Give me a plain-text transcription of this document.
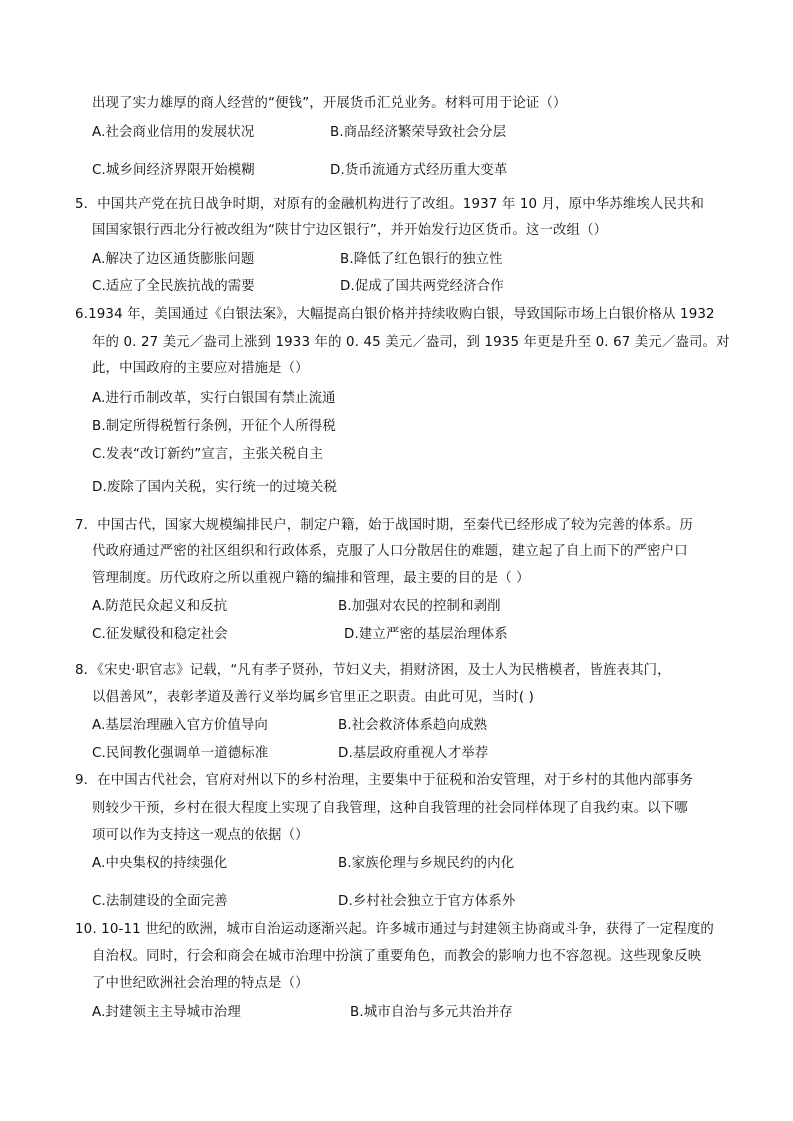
出现了实力雄厚的商人经营的“便钱”，开展货币汇兑业务。材料可用于论证（）
A.社会商业信用的发展状况	B.商品经济繁荣导致社会分层
C.城乡间经济界限开始模糊	D.货币流通方式经历重大变革
5．中国共产党在抗日战争时期，对原有的金融机构进行了改组。1937 年 10 月，原中华苏维埃人民共和
国国家银行西北分行被改组为“陕甘宁边区银行”，并开始发行边区货币。这一改组（）
A.解决了边区通货膨胀问题	B.降低了红色银行的独立性
C.适应了全民族抗战的需要	D.促成了国共两党经济合作
6.1934 年，美国通过《白银法案》，大幅提高白银价格并持续收购白银，导致国际市场上白银价格从 1932
年的 0. 27 美元／盎司上涨到 1933 年的 0. 45 美元／盎司，到 1935 年更是升至 0. 67 美元／盎司。对
此，中国政府的主要应对措施是（）
A.进行币制改革，实行白银国有禁止流通
B.制定所得税暂行条例，开征个人所得税
C.发表“改订新约”宣言，主张关税自主
D.废除了国内关税，实行统一的过境关税
7．中国古代，国家大规模编排民户，制定户籍，始于战国时期，至秦代已经形成了较为完善的体系。历
代政府通过严密的社区组织和行政体系，克服了人口分散居住的难题，建立起了自上而下的严密户口
管理制度。历代政府之所以重视户籍的编排和管理，最主要的目的是（ ）
A.防范民众起义和反抗	B.加强对农民的控制和剥削
C.征发赋役和稳定社会	D.建立严密的基层治理体系
8．《宋史·职官志》记载，“凡有孝子贤孙，节妇义夫，捐财济困，及士人为民楷模者，皆旌表其门，
以倡善风”，表彰孝道及善行义举均属乡官里正之职责。由此可见，当时( )
A.基层治理融入官方价值导向	B.社会救济体系趋向成熟
C.民间教化强调单一道德标准	D.基层政府重视人才举荐
9．在中国古代社会，官府对州以下的乡村治理，主要集中于征税和治安管理，对于乡村的其他内部事务
则较少干预，乡村在很大程度上实现了自我管理，这种自我管理的社会同样体现了自我约束。以下哪
项可以作为支持这一观点的依据（）
A.中央集权的持续强化	B.家族伦理与乡规民约的内化
C.法制建设的全面完善	D.乡村社会独立于官方体系外
10. 10-11 世纪的欧洲，城市自治运动逐渐兴起。许多城市通过与封建领主协商或斗争，获得了一定程度的
自治权。同时，行会和商会在城市治理中扮演了重要角色，而教会的影响力也不容忽视。这些现象反映
了中世纪欧洲社会治理的特点是（）
A.封建领主主导城市治理	B.城市自治与多元共治并存
